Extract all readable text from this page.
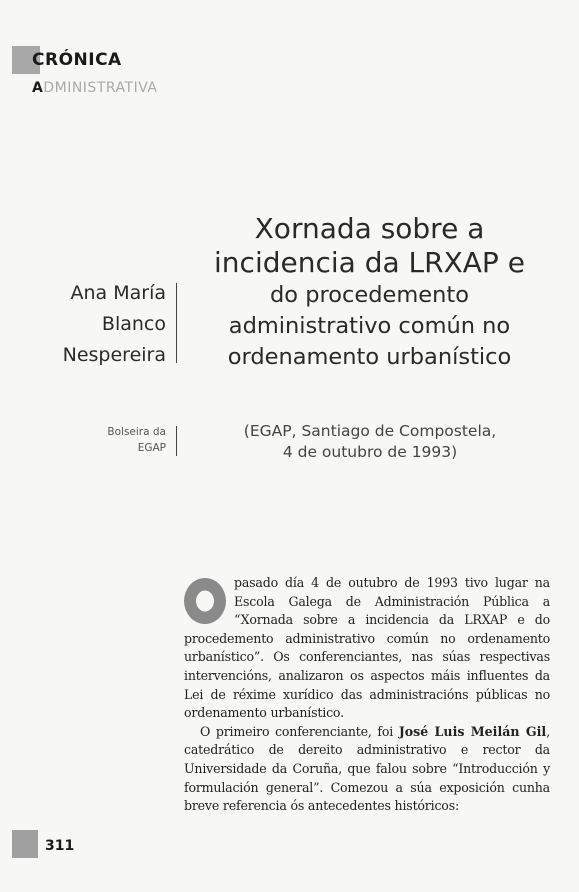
CRÓNICA
ADMINISTRATIVA
Xornada sobre a
incidencia da LRXAP e
do procedemento
administrativo común no
ordenamento urbanístico
Ana María
Blanco
Nespereira
Bolseira da
EGAP
(EGAP, Santiago de Compostela,
4 de outubro de 1993)

pasado día 4 de outubro de 1993 tivo lugar na Escola Galega de Administración Pública a “Xornada sobre a incidencia da LRXAP e do procedemento administrativo común no ordenamento urbanístico”. Os conferenciantes, nas súas respectivas intervencións, analizaron os aspectos máis influentes da Lei de réxime xurídico das administracións públicas no ordenamento urbanístico.

O primeiro conferenciante, foi José Luis Meilán Gil, catedrático de dereito administrativo e rector da Universidade da Coruña, que falou sobre “Introducción y formulación general”. Comezou a súa exposición cunha breve referencia ós antecedentes históricos:

311
